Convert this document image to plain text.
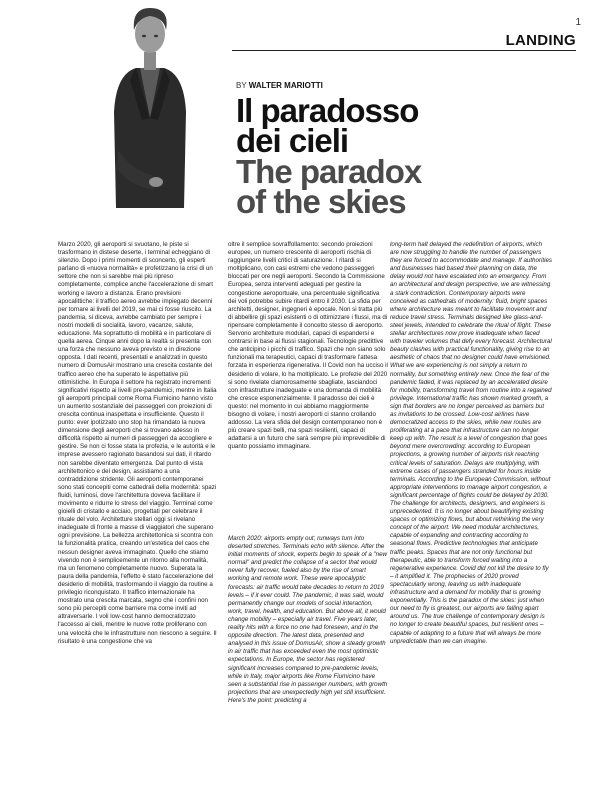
1
LANDING
BY WALTER MARIOTTI
Il paradosso
dei cieli
The paradox
of the skies

Marzo 2020, gli aeroporti si svuotano, le piste si trasformano in distese deserte, i terminal echeggiano di silenzio. Dopo i primi momenti di sconcerto, gli esperti parlano di «nuova normalità» e profetizzano la crisi di un settore che non si sarebbe mai più ripreso completamente, complice anche l'accelerazione di smart working e lavoro a distanza. Erano previsioni apocalittiche: il traffico aereo avrebbe impiegato decenni per tornare ai livelli del 2019, se mai ci fosse riuscito. La pandemia, si diceva, avrebbe cambiato per sempre i nostri modelli di socialità, lavoro, vacanze, salute, educazione. Ma soprattutto di mobilità e in particolare di quella aerea. Cinque anni dopo la realtà si presenta con una forza che nessuno aveva previsto e in direzione opposta. I dati recenti, presentati e analizzati in questo numero di DomusAir mostrano una crescita costante del traffico aereo che ha superato le aspettative più ottimistiche. In Europa il settore ha registrato incrementi significativi rispetto ai livelli pre-pandemici, mentre in Italia gli aeroporti principali come Roma Fiumicino hanno visto un aumento sostanziale dei passeggeri con proiezioni di crescita continua inaspettata e insufficiente. Questo il punto: ever ipotizzato uno stop ha rimandato la nuova dimensione degli aeroporti che si trovano adesso in difficoltà rispetto ai numeri di passeggeri da accogliere e gestire. Se non ci fosse stata la profezia, e le autorità e le imprese avessero ragionato basandosi sui dati, il ritardo non sarebbe diventato emergenza. Dal punto di vista architettonico e del design, assistiamo a una contraddizione stridente. Gli aeroporti contemporanei sono stati concepiti come cattedrali della modernità: spazi fluidi, luminosi, dove l'architettura doveva facilitare il movimento e ridurre lo stress del viaggio. Terminal come gioielli di cristallo e acciaio, progettati per celebrare il rituale del volo. Architetture stellari oggi si rivelano inadeguate di fronte a masse di viaggiatori che superano ogni previsione. La bellezza architettonica si scontra con la funzionalità pratica, creando un'estetica del caos che nessun designer aveva immaginato. Quello che stiamo vivendo non è semplicemente un ritorno alla normalità, ma un fenomeno completamente nuovo. Superata la paura della pandemia, l'effetto è stato l'accelerazione del desiderio di mobilità, trasformando il viaggio da routine a privilegio riconquistato. Il traffico internazionale ha mostrato una crescita marcata, segno che i confini non sono più percepiti come barriere ma come inviti ad attraversarle. I voli low-cost hanno democratizzato l'accesso ai cieli, mentre le nuove rotte proliferano con una velocità che le infrastrutture non riescono a seguire. Il risultato è una congestione che va

oltre il semplice sovraffollamento: secondo proiezioni europee, un numero crescente di aeroporti rischia di raggiungere livelli critici di saturazione. I ritardi si moltiplicano, con casi estremi che vedono passeggeri bloccati per ore negli aeroporti. Secondo la Commissione Europea, senza interventi adeguati per gestire la congestione aeroportuale, una percentuale significativa dei voli potrebbe subire ritardi entro il 2030. La sfida per architetti, designer, ingegneri è epocale. Non si tratta più di abbellire gli spazi esistenti o di ottimizzare i flussi, ma di ripensare completamente il concetto stesso di aeroporto. Servono architetture modulari, capaci di espandersi e contrarsi in base ai flussi stagionali. Tecnologie predittive che anticipino i picchi di traffico. Spazi che non siano solo funzionali ma terapeutici, capaci di trasformare l'attesa forzata in esperienza rigenerativa. Il Covid non ha ucciso il desiderio di volare, lo ha moltiplicato. Le profezie del 2020 si sono rivelate clamorosamente sbagliate, lasciandoci con infrastrutture inadeguate e una domanda di mobilità che cresce esponenzialmente. Il paradosso dei cieli è questo: nel momento in cui abbiamo maggiormente bisogno di volare, i nostri aeroporti ci stanno crollando addosso. La vera sfida del design contemporaneo non è più creare spazi belli, ma spazi resilienti, capaci di adattarsi a un futuro che sarà sempre più imprevedibile di quanto possiamo immaginare.

March 2020: airports empty out; runways turn into deserted stretches. Terminals echo with silence. After the initial moments of shock, experts begin to speak of a "new normal" and predict the collapse of a sector that would never fully recover, fueled also by the rise of smart working and remote work. These were apocalyptic forecasts: air traffic would take decades to return to 2019 levels – if it ever could. The pandemic, it was said, would permanently change our models of social interaction, work, travel, health, and education. But above all, it would change mobility – especially air travel. Five years later, reality hits with a force no one had foreseen, and in the opposite direction. The latest data, presented and analysed in this issue of DomusAir, show a steady growth in air traffic that has exceeded even the most optimistic expectations. In Europe, the sector has registered significant increases compared to pre-pandemic levels, while in Italy, major airports like Rome Fiumicino have seen a substantial rise in passenger numbers, with growth projections that are unexpectedly high yet still insufficient. Here's the point: predicting a

long-term halt delayed the redefinition of airports, which are now struggling to handle the number of passengers they are forced to accommodate and manage. If authorities and businesses had based their planning on data, the delay would not have escalated into an emergency. From an architectural and design perspective, we are witnessing a stark contradiction. Contemporary airports were conceived as cathedrals of modernity: fluid, bright spaces where architecture was meant to facilitate movement and reduce travel stress. Terminals designed like glass-and-steel jewels, intended to celebrate the ritual of flight. These stellar architectures now prove inadequate when faced with traveler volumes that defy every forecast. Architectural beauty clashes with practical functionality, giving rise to an aesthetic of chaos that no designer could have envisioned. What we are experiencing is not simply a return to normality, but something entirely new. Once the fear of the pandemic faded, it was replaced by an accelerated desire for mobility, transforming travel from routine into a regained privilege. International traffic has shown marked growth, a sign that borders are no longer perceived as barriers but as invitations to be crossed. Low-cost airlines have democratized access to the skies, while new routes are proliferating at a pace that infrastructure can no longer keep up with. The result is a level of congestion that goes beyond mere overcrowding: according to European projections, a growing number of airports risk reaching critical levels of saturation. Delays are multiplying, with extreme cases of passengers stranded for hours inside terminals. According to the European Commission, without appropriate interventions to manage airport congestion, a significant percentage of flights could be delayed by 2030. The challenge for architects, designers, and engineers is unprecedented. It is no longer about beautifying existing spaces or optimizing flows, but about rethinking the very concept of the airport. We need modular architectures, capable of expanding and contracting according to seasonal flows. Predictive technologies that anticipate traffic peaks. Spaces that are not only functional but therapeutic, able to transform forced waiting into a regenerative experience. Covid did not kill the desire to fly – it amplified it. The prophecies of 2020 proved spectacularly wrong, leaving us with inadequate infrastructure and a demand for mobility that is growing exponentially. This is the paradox of the skies: just when our need to fly is greatest, our airports are falling apart around us. The true challenge of contemporary design is no longer to create beautiful spaces, but resilient ones – capable of adapting to a future that will always be more unpredictable than we can imagine.
